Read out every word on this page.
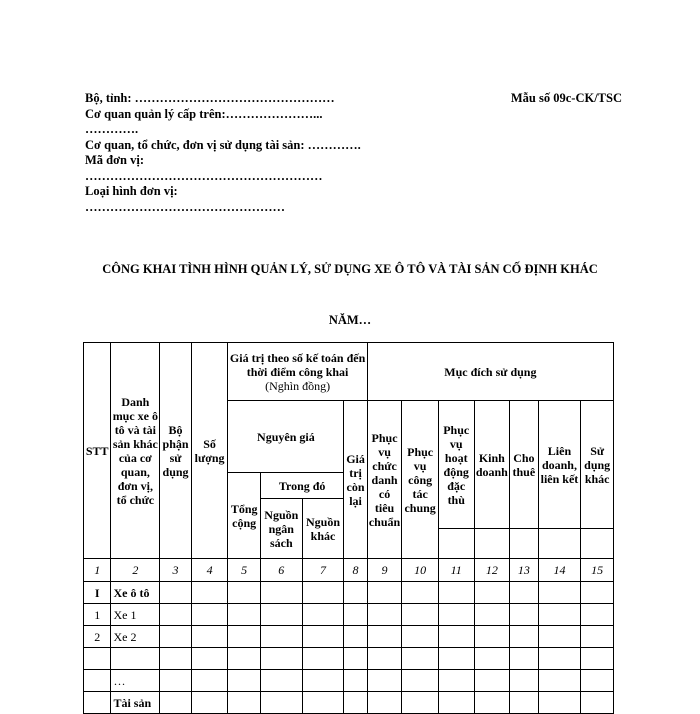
Bộ, tỉnh: …………………………………………
Cơ quan quản lý cấp trên:…………………...
………….
Cơ quan, tổ chức, đơn vị sử dụng tài sản: ………….
Mã đơn vị:
…………………………………………………
Loại hình đơn vị:
…………………………………………
Mẫu số 09c-CK/TSC
CÔNG KHAI TÌNH HÌNH QUẢN LÝ, SỬ DỤNG XE Ô TÔ VÀ TÀI SẢN CỐ ĐỊNH KHÁC
NĂM…
STT	Danh mục xe ô tô và tài sản khác của cơ quan, đơn vị, tổ chức	Bộ phận sử dụng	Số lượng	Giá trị theo số kế toán đến thời điểm công khai (Nghìn đồng)				Mục đích sử dụng						
				Nguyên giá			Giá trị còn lại	Phục vụ chức danh có tiêu chuẩn	Phục vụ công tác chung	Phục vụ hoạt động đặc thù	Kinh doanh	Cho thuê	Liên doanh, liên kết	Sử dụng khác
				Tổng cộng	Trong đó									
					Nguồn ngân sách	Nguồn khác								

1	2	3	4	5	6	7	8	9	10	11	12	13	14	15
I	Xe ô tô													
1	Xe 1													
2	Xe 2													

	…													
	Tài sản													
